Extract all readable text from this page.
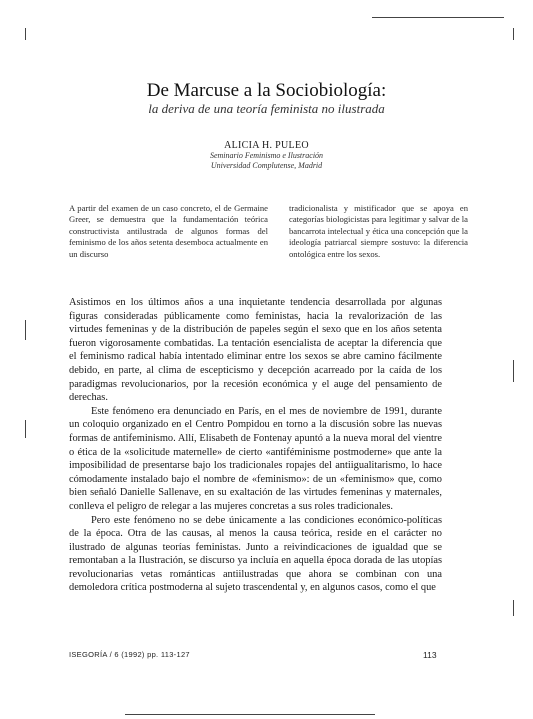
De Marcuse a la Sociobiología:
la deriva de una teoría feminista no ilustrada
ALICIA H. PULEO
Seminario Feminismo e Ilustración
Universidad Complutense, Madrid
A partir del examen de un caso concreto, el de Germaine Greer, se demuestra que la fundamentación teórica constructivista antilustrada de algunos formas del feminismo de los años setenta desemboca actualmente en un discurso
tradicionalista y mistificador que se apoya en categorías biologicistas para legitimar y salvar de la bancarrota intelectual y ética una concepción que la ideología patriarcal siempre sostuvo: la diferencia ontológica entre los sexos.

Asistimos en los últimos años a una inquietante tendencia desarrollada por algunas figuras consideradas públicamente como feministas, hacia la revalorización de las virtudes femeninas y de la distribución de papeles según el sexo que en los años setenta fueron vigorosamente combatidas. La tentación esencialista de aceptar la diferencia que el feminismo radical había intentado eliminar entre los sexos se abre camino fácilmente debido, en parte, al clima de escepticismo y decepción acarreado por la caída de los paradigmas revolucionarios, por la recesión económica y el auge del pensamiento de derechas.

Este fenómeno era denunciado en París, en el mes de noviembre de 1991, durante un coloquio organizado en el Centro Pompidou en torno a la discusión sobre las nuevas formas de antifeminismo. Allí, Elisabeth de Fontenay apuntó a la nueva moral del vientre o ética de la «solicitude maternelle» de cierto «antiféminisme postmoderne» que ante la imposibilidad de presentarse bajo los tradicionales ropajes del antiigualitarismo, lo hace cómodamente instalado bajo el nombre de «feminismo»: de un «feminismo» que, como bien señaló Danielle Sallenave, en su exaltación de las virtudes femeninas y maternales, conlleva el peligro de relegar a las mujeres concretas a sus roles tradicionales.

Pero este fenómeno no se debe únicamente a las condiciones económico-políticas de la época. Otra de las causas, al menos la causa teórica, reside en el carácter no ilustrado de algunas teorías feministas. Junto a reivindicaciones de igualdad que se remontaban a la Ilustración, se discurso ya incluía en aquella época dorada de las utopías revolucionarias vetas románticas antiilustradas que ahora se combinan con una demoledora crítica postmoderna al sujeto trascendental y, en algunos casos, como el que

ISEGORÍA / 6 (1992) pp. 113-127	113
